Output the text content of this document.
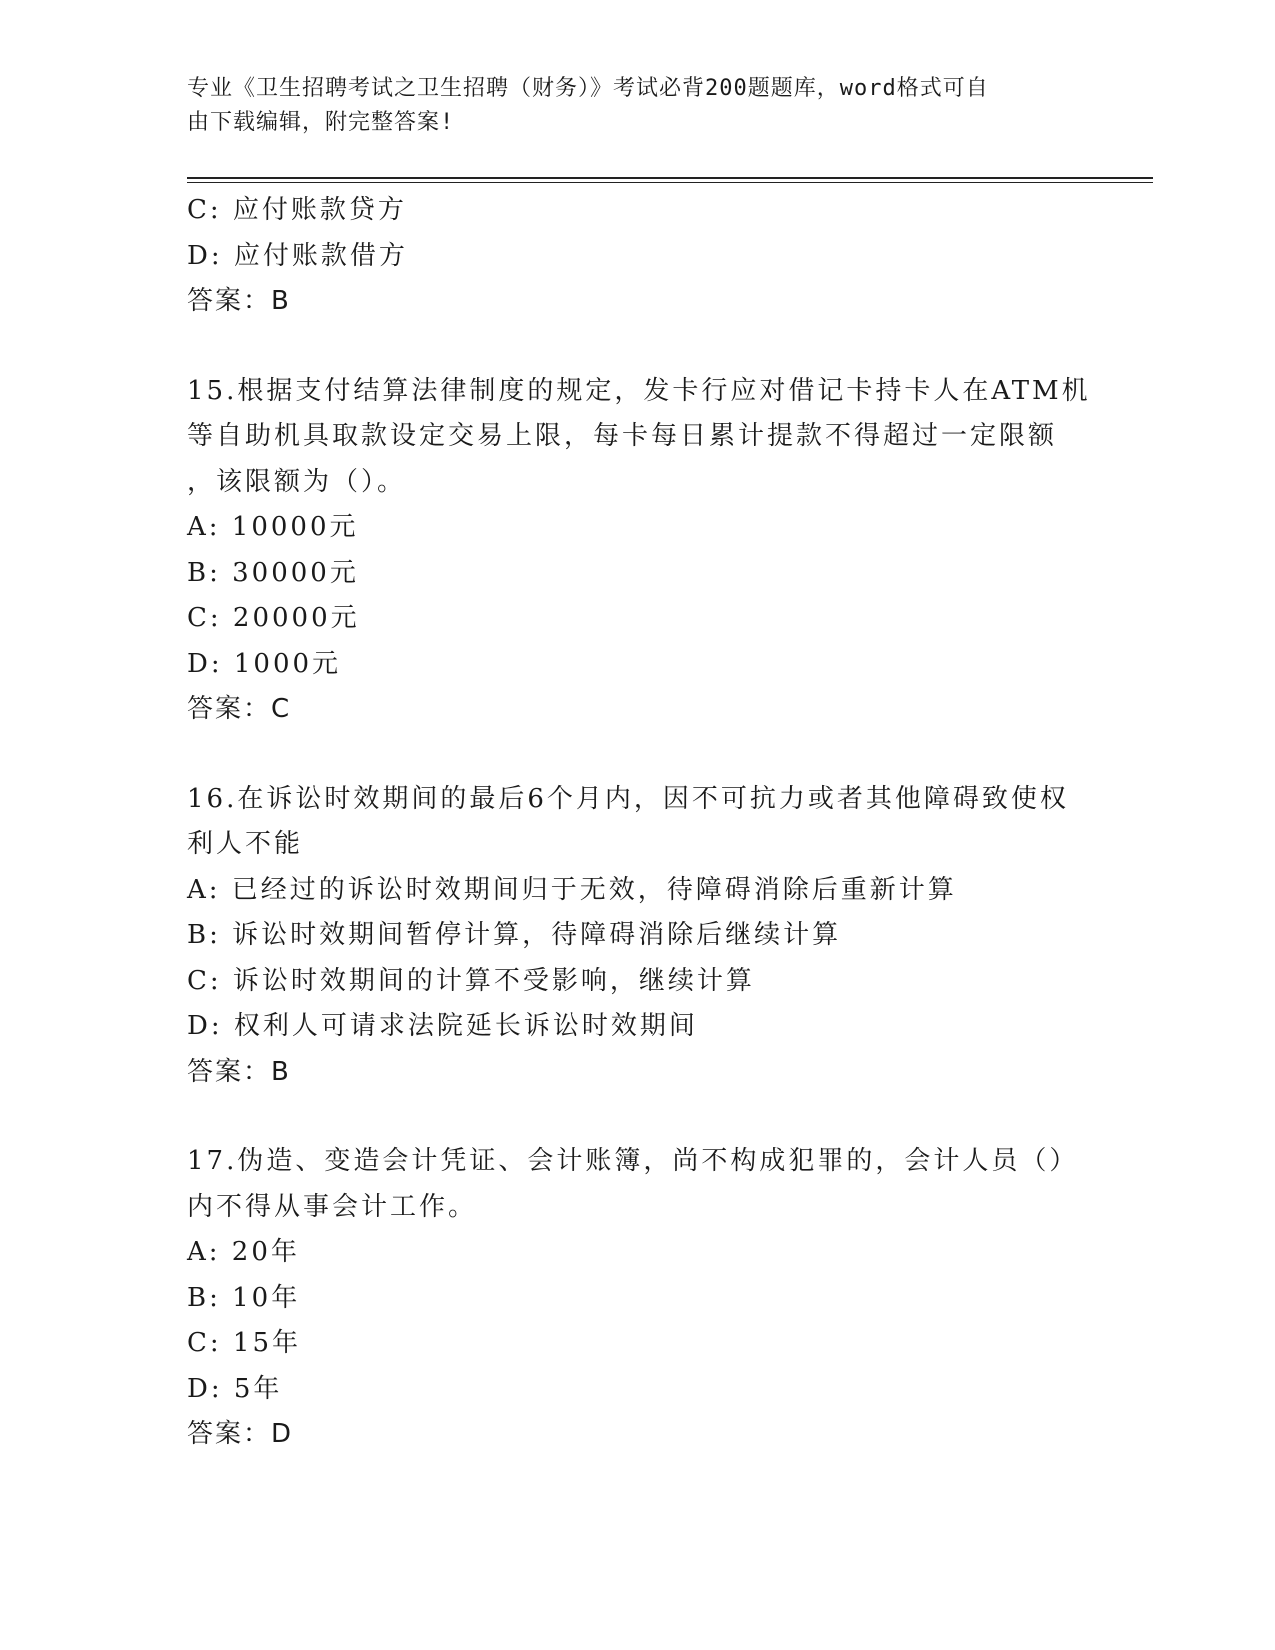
专业《卫生招聘考试之卫生招聘（财务）》考试必背200题题库，word格式可自
由下载编辑，附完整答案!
C: 应付账款贷方
D: 应付账款借方
答案：B
15.根据支付结算法律制度的规定，发卡行应对借记卡持卡人在ATM机
等自助机具取款设定交易上限，每卡每日累计提款不得超过一定限额
，该限额为（）。
A: 10000元
B: 30000元
C: 20000元
D: 1000元
答案：C
16.在诉讼时效期间的最后6个月内，因不可抗力或者其他障碍致使权
利人不能
A: 已经过的诉讼时效期间归于无效，待障碍消除后重新计算
B: 诉讼时效期间暂停计算，待障碍消除后继续计算
C: 诉讼时效期间的计算不受影响，继续计算
D: 权利人可请求法院延长诉讼时效期间
答案：B
17.伪造、变造会计凭证、会计账簿，尚不构成犯罪的，会计人员（）
内不得从事会计工作。
A: 20年
B: 10年
C: 15年
D: 5年
答案：D
